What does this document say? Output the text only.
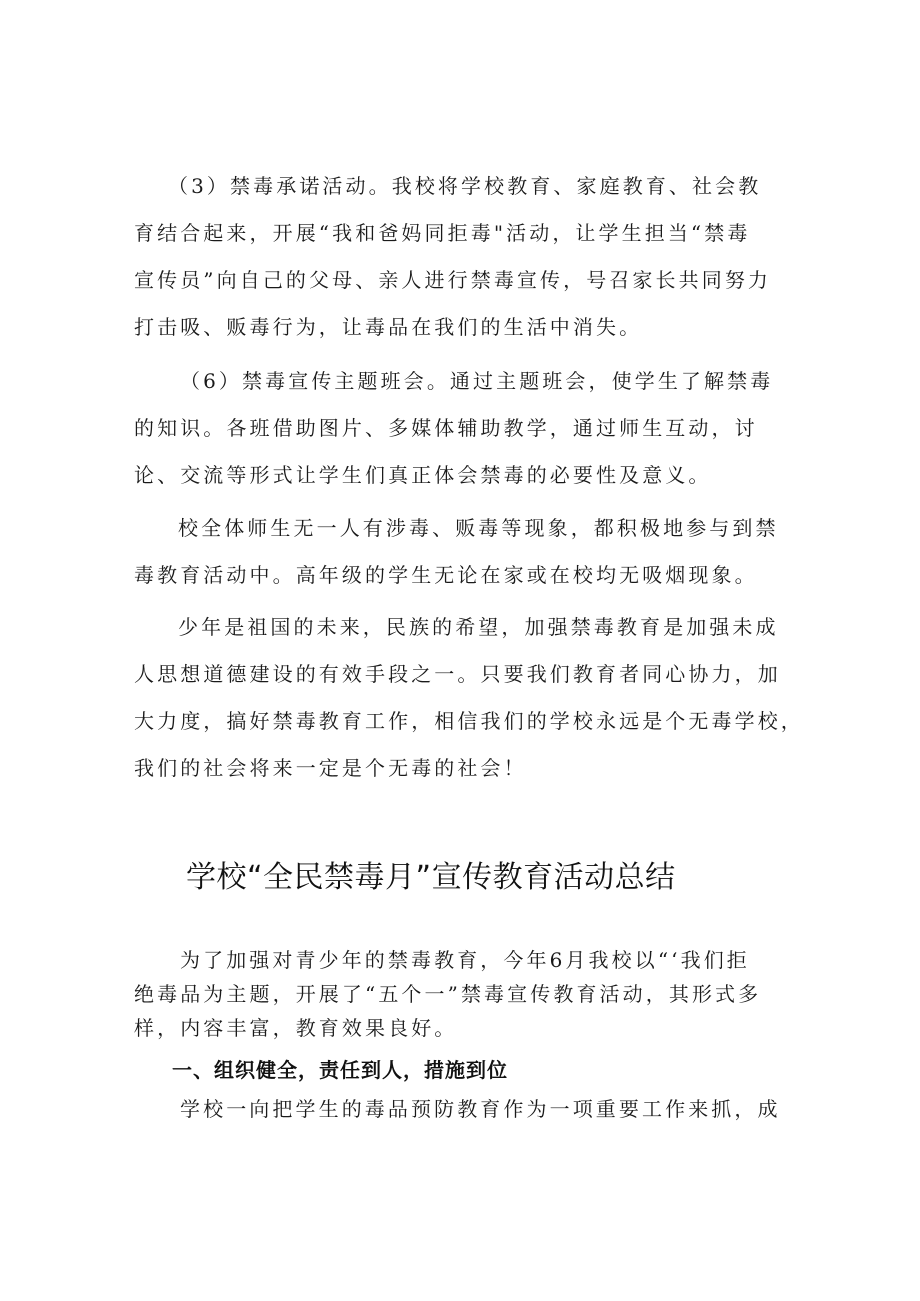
（3）禁毒承诺活动。我校将学校教育、家庭教育、社会教
育结合起来，开展“我和爸妈同拒毒"活动，让学生担当“禁毒
宣传员”向自己的父母、亲人进行禁毒宣传，号召家长共同努力
打击吸、贩毒行为，让毒品在我们的生活中消失。
（6）禁毒宣传主题班会。通过主题班会，使学生了解禁毒
的知识。各班借助图片、多媒体辅助教学，通过师生互动，讨
论、交流等形式让学生们真正体会禁毒的必要性及意义。
校全体师生无一人有涉毒、贩毒等现象，都积极地参与到禁
毒教育活动中。高年级的学生无论在家或在校均无吸烟现象。
少年是祖国的未来，民族的希望，加强禁毒教育是加强未成
人思想道德建设的有效手段之一。只要我们教育者同心协力，加
大力度，搞好禁毒教育工作，相信我们的学校永远是个无毒学校，
我们的社会将来一定是个无毒的社会！
学校“全民禁毒月”宣传教育活动总结
为了加强对青少年的禁毒教育，今年6月我校以“‘我们拒
绝毒品为主题，开展了“五个一”禁毒宣传教育活动，其形式多
样，内容丰富，教育效果良好。
一、组织健全，责任到人，措施到位
学校一向把学生的毒品预防教育作为一项重要工作来抓，成
